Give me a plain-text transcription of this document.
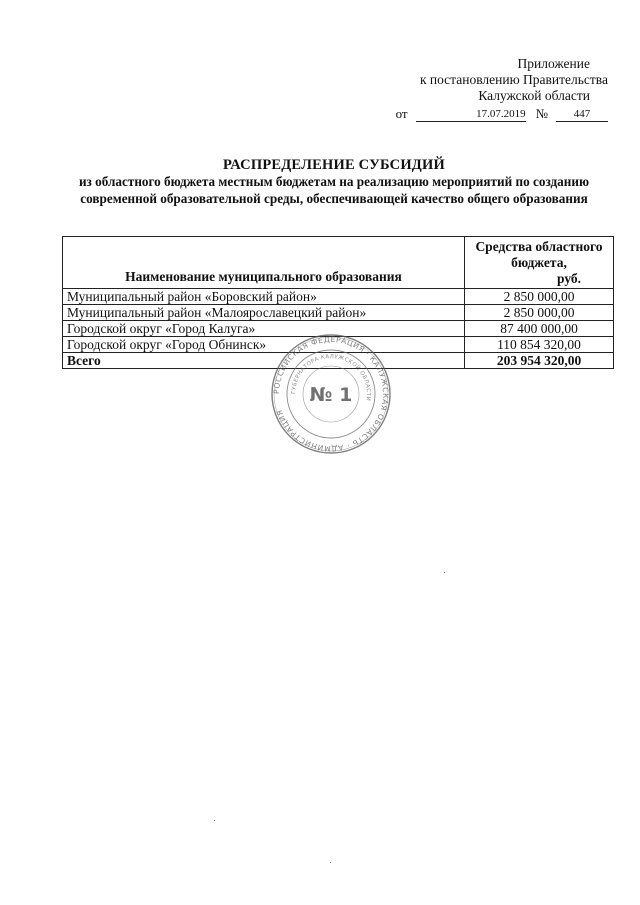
Приложение
к постановлению Правительства
Калужской области
от	17.07.2019 №	447
РАСПРЕДЕЛЕНИЕ СУБСИДИЙ
из областного бюджета местным бюджетам на реализацию мероприятий по созданию современной образовательной среды, обеспечивающей качество общего образования
Наименование муниципального образования	Средства областного
бюджета,
руб.
Муниципальный район «Боровский район»	2 850 000,00
Муниципальный район «Малоярославецкий район»	2 850 000,00
Городской округ «Город Калуга»	87 400 000,00
Городской округ «Город Обнинск»	110 854 320,00
Всего	203 954 320,00
РОССИЙСКАЯ ФЕДЕРАЦИЯ · КАЛУЖСКАЯ ОБЛАСТЬ · АДМИНИСТРАЦИЯ
ГУБЕРНАТОРА КАЛУЖСКОЙ ОБЛАСТИ
№ 1
